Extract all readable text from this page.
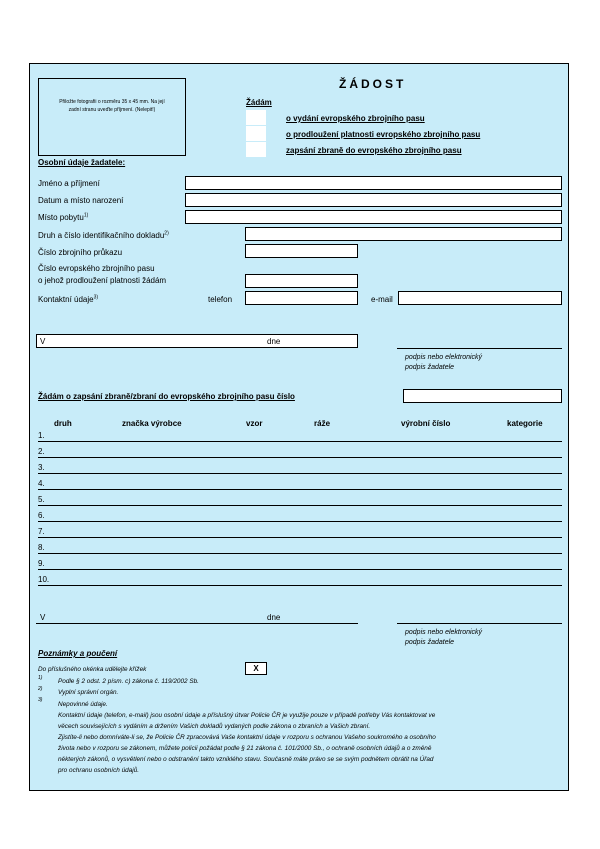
Přiložte fotografii o rozměru 35 x 45 mm. Na její zadní stranu uveďte příjmení. (Nelepit!)
ŽÁDOST
Žádám
o vydání evropského zbrojního pasu
o prodloužení platnosti evropského zbrojního pasu
zapsání zbraně do evropského zbrojního pasu
Osobní údaje žadatele:
Jméno a příjmení
Datum a místo narození
Místo pobytu$^{1)}$
Druh a číslo identifikačního dokladu$^{2)}$
Číslo zbrojního průkazu
Číslo evropského zbrojního pasu
o jehož prodloužení platnosti žádám
Kontaktní údaje$^{3)}$	telefon	e-mail
V	dne
podpis nebo elektronický
podpis žadatele
Žádám o zapsání zbraně/zbraní do evropského zbrojního pasu číslo
druh	značka výrobce	vzor	ráže	výrobní číslo	kategorie
1.
2.
3.
4.
5.
6.
7.
8.
9.
10.
V	dne
podpis nebo elektronický
podpis žadatele
Poznámky a poučení
Do příslušného okénka udělejte křížek	X
1) Podle § 2 odst. 2 písm. c) zákona č. 119/2002 Sb.
2) Vyplní správní orgán.
3)
Nepovinné údaje.
Kontaktní údaje (telefon, e-mail) jsou osobní údaje a příslušný útvar Policie ČR je využije pouze v případě potřeby Vás kontaktovat ve
věcech souvisejících s vydáním a držením Vašich dokladů vydaných podle zákona o zbraních a Vašich zbraní.
Zjistíte-li nebo domníváte-li se, že Policie ČR zpracovává Vaše kontaktní údaje v rozporu s ochranou Vašeho soukromého a osobního
života nebo v rozporu se zákonem, můžete policii požádat podle § 21 zákona č. 101/2000 Sb., o ochraně osobních údajů a o změně
některých zákonů, o vysvětlení nebo o odstranění takto vzniklého stavu. Současně máte právo se se svým podnětem obrátit na Úřad
pro ochranu osobních údajů.
